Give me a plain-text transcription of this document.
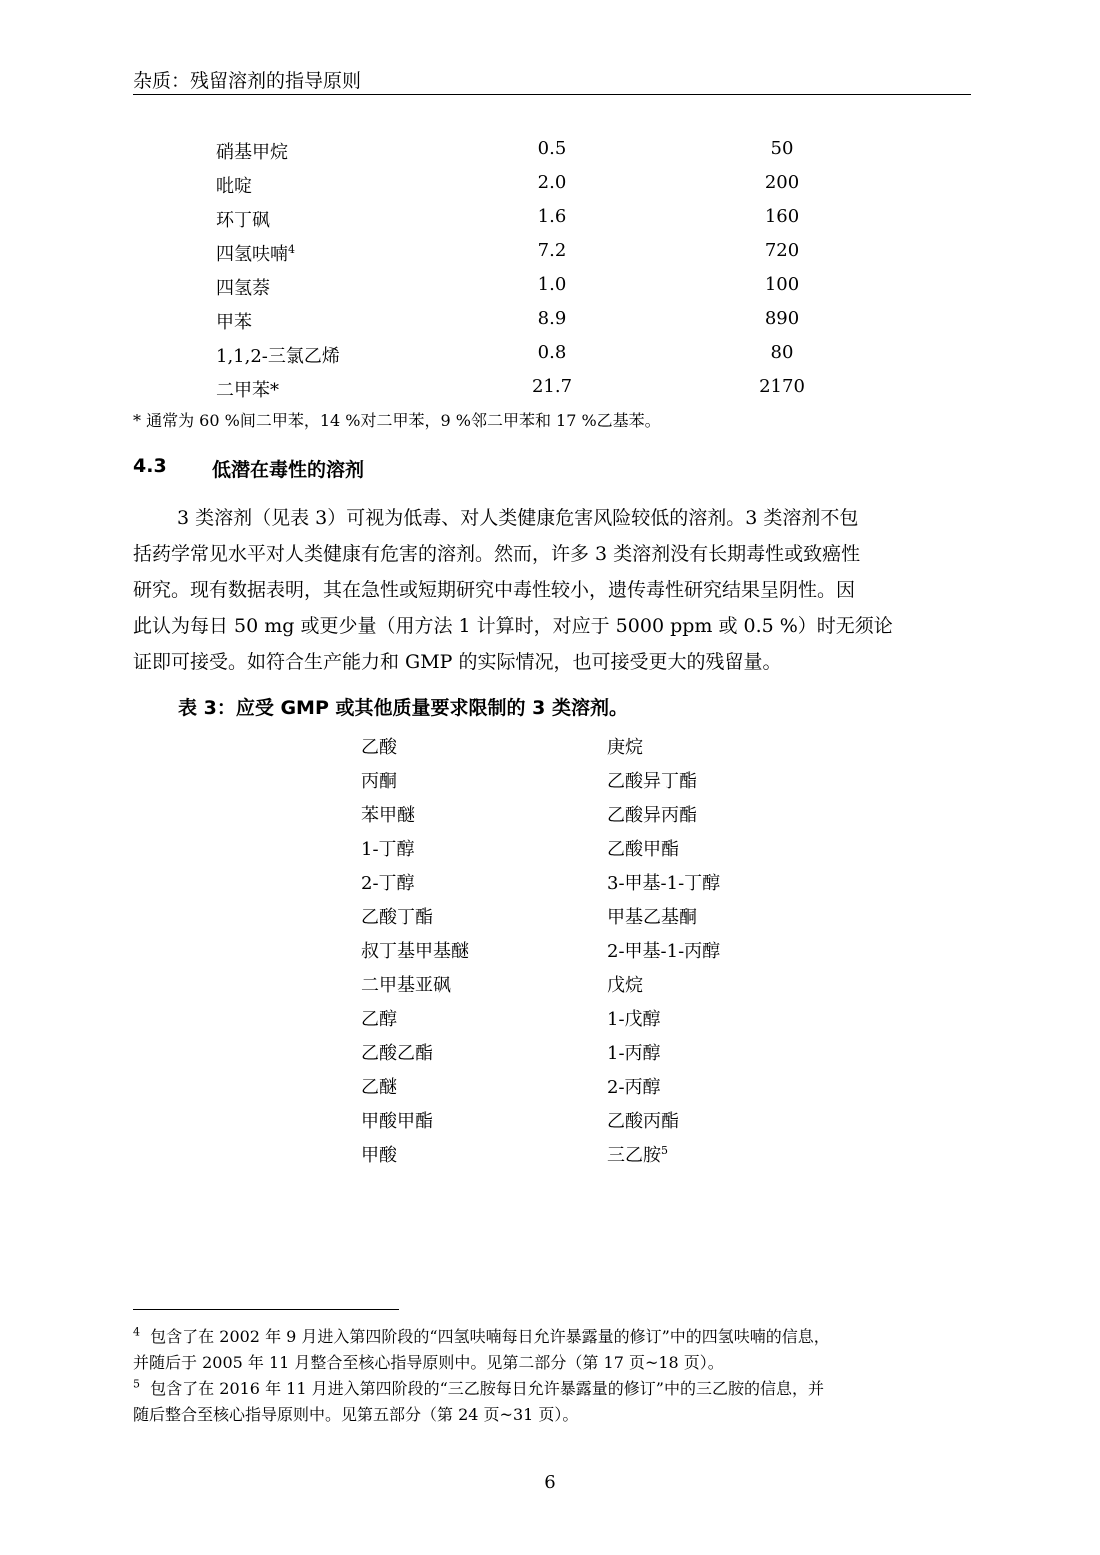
杂质：残留溶剂的指导原则
硝基甲烷	0.5	50
吡啶	2.0	200
环丁砜	1.6	160
四氢呋喃$^4$	7.2	720
四氢萘	1.0	100
甲苯	8.9	890
1,1,2-三氯乙烯	0.8	80
二甲苯*	21.7	2170
* 通常为 60 %间二甲苯，14 %对二甲苯，9 %邻二甲苯和 17 %乙基苯。
4.3 低潜在毒性的溶剂
3 类溶剂（见表 3）可视为低毒、对人类健康危害风险较低的溶剂。3 类溶剂不包
括药学常见水平对人类健康有危害的溶剂。然而，许多 3 类溶剂没有长期毒性或致癌性
研究。现有数据表明，其在急性或短期研究中毒性较小，遗传毒性研究结果呈阴性。因
此认为每日 50 mg 或更少量（用方法 1 计算时，对应于 5000 ppm 或 0.5 %）时无须论
证即可接受。如符合生产能力和 GMP 的实际情况，也可接受更大的残留量。
表 3：应受 GMP 或其他质量要求限制的 3 类溶剂。
乙酸	庚烷
丙酮	乙酸异丁酯
苯甲醚	乙酸异丙酯
1-丁醇	乙酸甲酯
2-丁醇	3-甲基-1-丁醇
乙酸丁酯	甲基乙基酮
叔丁基甲基醚	2-甲基-1-丙醇
二甲基亚砜	戊烷
乙醇	1-戊醇
乙酸乙酯	1-丙醇
乙醚	2-丙醇
甲酸甲酯	乙酸丙酯
甲酸	三乙胺$^5$
$^4$ 包含了在 2002 年 9 月进入第四阶段的“四氢呋喃每日允许暴露量的修订”中的四氢呋喃的信息，
并随后于 2005 年 11 月整合至核心指导原则中。见第二部分（第 17 页~18 页）。
$^5$ 包含了在 2016 年 11 月进入第四阶段的“三乙胺每日允许暴露量的修订”中的三乙胺的信息，并
随后整合至核心指导原则中。见第五部分（第 24 页~31 页）。
6
